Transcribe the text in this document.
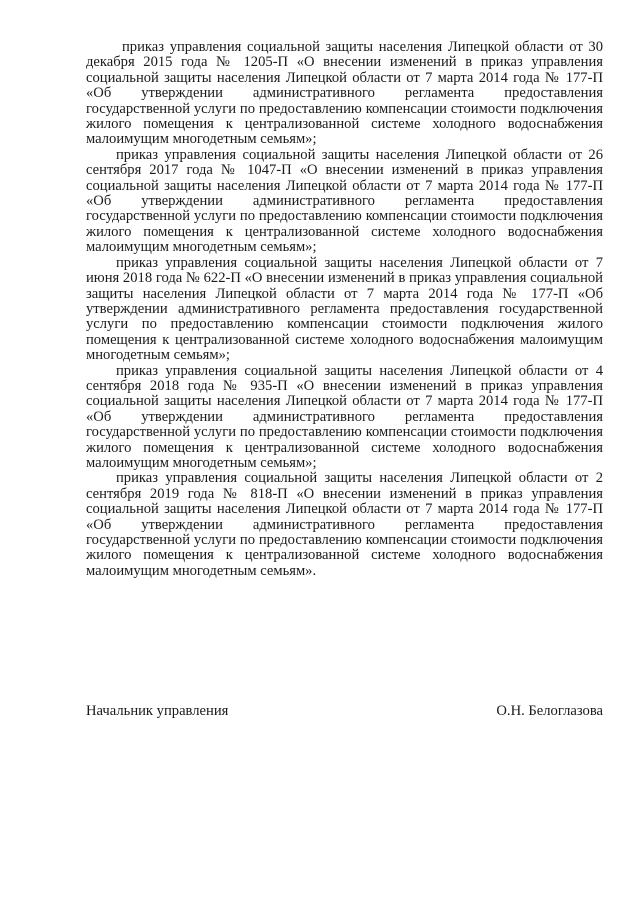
приказ управления социальной защиты населения Липецкой области от 30 декабря 2015 года № 1205-П «О внесении изменений в приказ управления социальной защиты населения Липецкой области от 7 марта 2014 года № 177-П «Об утверждении административного регламента предоставления государственной услуги по предоставлению компенсации стоимости подключения жилого помещения к централизованной системе холодного водоснабжения малоимущим многодетным семьям»;

приказ управления социальной защиты населения Липецкой области от 26 сентября 2017 года № 1047-П «О внесении изменений в приказ управления социальной защиты населения Липецкой области от 7 марта 2014 года № 177-П «Об утверждении административного регламента предоставления государственной услуги по предоставлению компенсации стоимости подключения жилого помещения к централизованной системе холодного водоснабжения малоимущим многодетным семьям»;

приказ управления социальной защиты населения Липецкой области от 7 июня 2018 года № 622-П «О внесении изменений в приказ управления социальной защиты населения Липецкой области от 7 марта 2014 года № 177-П «Об утверждении административного регламента предоставления государственной услуги по предоставлению компенсации стоимости подключения жилого помещения к централизованной системе холодного водоснабжения малоимущим многодетным семьям»;

приказ управления социальной защиты населения Липецкой области от 4 сентября 2018 года № 935-П «О внесении изменений в приказ управления социальной защиты населения Липецкой области от 7 марта 2014 года № 177-П «Об утверждении административного регламента предоставления государственной услуги по предоставлению компенсации стоимости подключения жилого помещения к централизованной системе холодного водоснабжения малоимущим многодетным семьям»;

приказ управления социальной защиты населения Липецкой области от 2 сентября 2019 года № 818-П «О внесении изменений в приказ управления социальной защиты населения Липецкой области от 7 марта 2014 года № 177-П «Об утверждении административного регламента предоставления государственной услуги по предоставлению компенсации стоимости подключения жилого помещения к централизованной системе холодного водоснабжения малоимущим многодетным семьям».

Начальник управления	О.Н. Белоглазова
